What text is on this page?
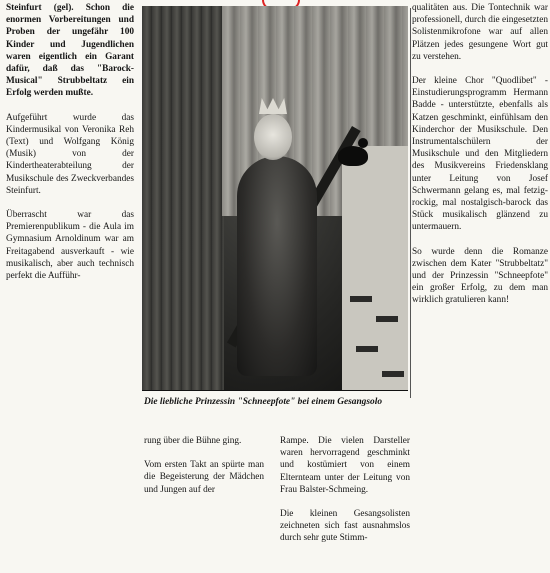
Steinfurt (gel). Schon die enormen Vorbereitungen und Proben der ungefähr 100 Kinder und Jugendlichen waren eigentlich ein Garant dafür, daß das "Barock-Musical" Strubbeltatz ein Erfolg werden mußte.

Aufgeführt wurde das Kindermusikal von Veronika Reh (Text) und Wolfgang König (Musik) von der Kindertheaterabteilung der Musikschule des Zweckverbandes Steinfurt.

Überrascht war das Premierenpublikum - die Aula im Gymnasium Arnoldinum war am Freitagabend ausverkauft - wie musikalisch, aber auch technisch perfekt die Aufführ-

Die liebliche Prinzessin "Schneepfote" bei einem Gesangsolo

rung über die Bühne ging.

Vom ersten Takt an spürte man die Begeisterung der Mädchen und Jungen auf der

Rampe. Die vielen Darsteller waren hervorragend geschminkt und kostümiert von einem Elternteam unter der Leitung von Frau Balster-Schmeing.

Die kleinen Gesangsolisten zeichneten sich fast ausnahmslos durch sehr gute Stimm-

qualitäten aus. Die Tontechnik war professionell, durch die eingesetzten Solistenmikrofone war auf allen Plätzen jedes gesungene Wort gut zu verstehen.

Der kleine Chor "Quodlibet" - Einstudierungsprogramm Hermann Badde - unterstützte, ebenfalls als Katzen geschminkt, einfühlsam den Kinderchor der Musikschule. Den Instrumentalschülern der Musikschule und den Mitgliedern des Musikvereins Friedensklang unter Leitung von Josef Schwermann gelang es, mal fetzig-rockig, mal nostalgisch-barock das Stück musikalisch glänzend zu untermauern.

So wurde denn die Romanze zwischen dem Kater "Strubbeltatz" und der Prinzessin "Schneepfote" ein großer Erfolg, zu dem man wirklich gratulieren kann!
